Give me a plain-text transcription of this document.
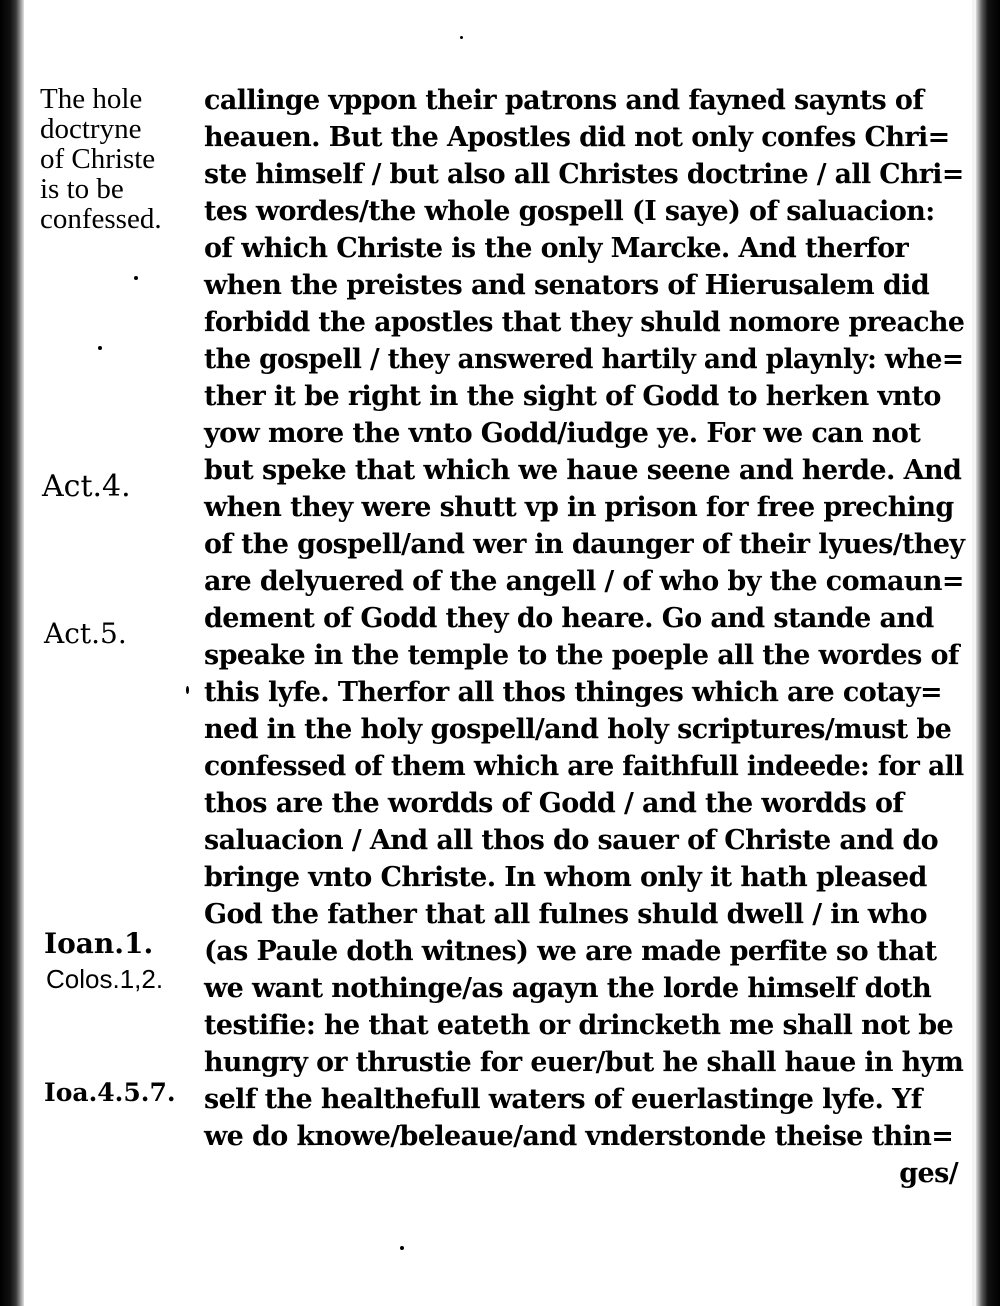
The hole
doctryne
of Christe
is to be
confessed.
Act.4.
Act.5.
Ioan.1.
Colos.1,2.
Ioa.4.5.7.
callinge vppon their patrons and fayned saynts of
heauen. But the Apostles did not only confes Chri=
ste himself / but also all Christes doctrine / all Chri=
tes wordes/the whole gospell (I saye) of saluacion:
of which Christe is the only Marcke. And therfor
when the preistes and senators of Hierusalem did
forbidd the apostles that they shuld nomore preache
the gospell / they answered hartily and playnly: whe=
ther it be right in the sight of Godd to herken vnto
yow more the vnto Godd/iudge ye. For we can not
but speke that which we haue seene and herde. And
when they were shutt vp in prison for free preching
of the gospell/and wer in daunger of their lyues/they
are delyuered of the angell / of who by the comaun=
dement of Godd they do heare. Go and stande and
speake in the temple to the poeple all the wordes of
this lyfe. Therfor all thos thinges which are cotay=
ned in the holy gospell/and holy scriptures/must be
confessed of them which are faithfull indeede: for all
thos are the wordds of Godd / and the wordds of
saluacion / And all thos do sauer of Christe and do
bringe vnto Christe. In whom only it hath pleased
God the father that all fulnes shuld dwell / in who
(as Paule doth witnes) we are made perfite so that
we want nothinge/as agayn the lorde himself doth
testifie: he that eateth or drincketh me shall not be
hungry or thrustie for euer/but he shall haue in hym
self the healthefull waters of euerlastinge lyfe. Yf
we do knowe/beleaue/and vnderstonde theise thin=
ges/
